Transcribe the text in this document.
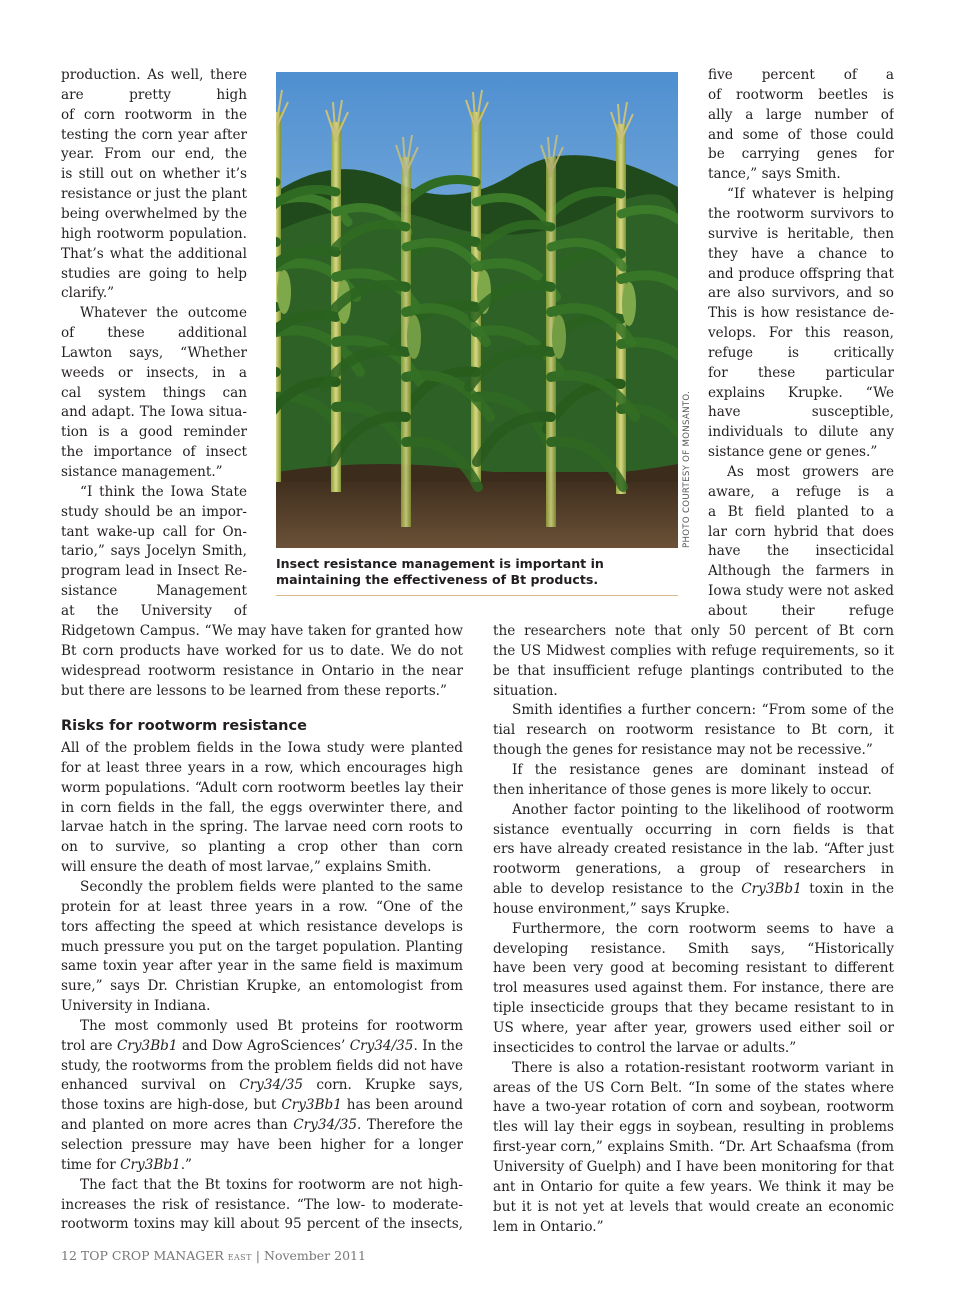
production. As well, there
are pretty high
of corn rootworm in the
testing the corn year after
year. From our end, the
is still out on whether it’s
resistance or just the plant
being overwhelmed by the
high rootworm population.
That’s what the additional
studies are going to help
clarify.”
Whatever the outcome
of these additional
Lawton says, “Whether
weeds or insects, in a
cal system things can
and adapt. The Iowa situa-
tion is a good reminder
the importance of insect
sistance management.”
“I think the Iowa State
study should be an impor-
tant wake-up call for On-
tario,” says Jocelyn Smith,
program lead in Insect Re-
sistance Management
at the University of
Ridgetown Campus. “We may have taken for granted how
Bt corn products have worked for us to date. We do not
widespread rootworm resistance in Ontario in the near
but there are lessons to be learned from these reports.”
Risks for rootworm resistance
All of the problem fields in the Iowa study were planted
for at least three years in a row, which encourages high
worm populations. “Adult corn rootworm beetles lay their
in corn fields in the fall, the eggs overwinter there, and
larvae hatch in the spring. The larvae need corn roots to
on to survive, so planting a crop other than corn
will ensure the death of most larvae,” explains Smith.
Secondly the problem fields were planted to the same
protein for at least three years in a row. “One of the
tors affecting the speed at which resistance develops is
much pressure you put on the target population. Planting
same toxin year after year in the same field is maximum
sure,” says Dr. Christian Krupke, an entomologist from
University in Indiana.
The most commonly used Bt proteins for rootworm
trol are Cry3Bb1 and Dow AgroSciences’ Cry34/35. In the
study, the rootworms from the problem fields did not have
enhanced survival on Cry34/35 corn. Krupke says,
those toxins are high-dose, but Cry3Bb1 has been around
and planted on more acres than Cry34/35. Therefore the
selection pressure may have been higher for a longer
time for Cry3Bb1.”
The fact that the Bt toxins for rootworm are not high-
increases the risk of resistance. “The low- to moderate-
rootworm toxins may kill about 95 percent of the insects,
five percent of a
of rootworm beetles is
ally a large number of
and some of those could
be carrying genes for
tance,” says Smith.
“If whatever is helping
the rootworm survivors to
survive is heritable, then
they have a chance to
and produce offspring that
are also survivors, and so
This is how resistance de-
velops. For this reason,
refuge is critically
for these particular
explains Krupke. “We
have susceptible,
individuals to dilute any
sistance gene or genes.”
As most growers are
aware, a refuge is a
a Bt field planted to a
lar corn hybrid that does
have the insecticidal
Although the farmers in
Iowa study were not asked
about their refuge
the researchers note that only 50 percent of Bt corn
the US Midwest complies with refuge requirements, so it
be that insufficient refuge plantings contributed to the
situation.
Smith identifies a further concern: “From some of the
tial research on rootworm resistance to Bt corn, it
though the genes for resistance may not be recessive.”
If the resistance genes are dominant instead of
then inheritance of those genes is more likely to occur.
Another factor pointing to the likelihood of rootworm
sistance eventually occurring in corn fields is that
ers have already created resistance in the lab. “After just
rootworm generations, a group of researchers in
able to develop resistance to the Cry3Bb1 toxin in the
house environment,” says Krupke.
Furthermore, the corn rootworm seems to have a
developing resistance. Smith says, “Historically
have been very good at becoming resistant to different
trol measures used against them. For instance, there are
tiple insecticide groups that they became resistant to in
US where, year after year, growers used either soil or
insecticides to control the larvae or adults.”
There is also a rotation-resistant rootworm variant in
areas of the US Corn Belt. “In some of the states where
have a two-year rotation of corn and soybean, rootworm
tles will lay their eggs in soybean, resulting in problems
first-year corn,” explains Smith. “Dr. Art Schaafsma (from
University of Guelph) and I have been monitoring for that
ant in Ontario for quite a few years. We think it may be
but it is not yet at levels that would create an economic
lem in Ontario.”
PHOTO COURTESY OF MONSANTO.
Insect resistance management is important in maintaining the effectiveness of Bt products.
12 TOP CROP MANAGER EAST | November 2011
